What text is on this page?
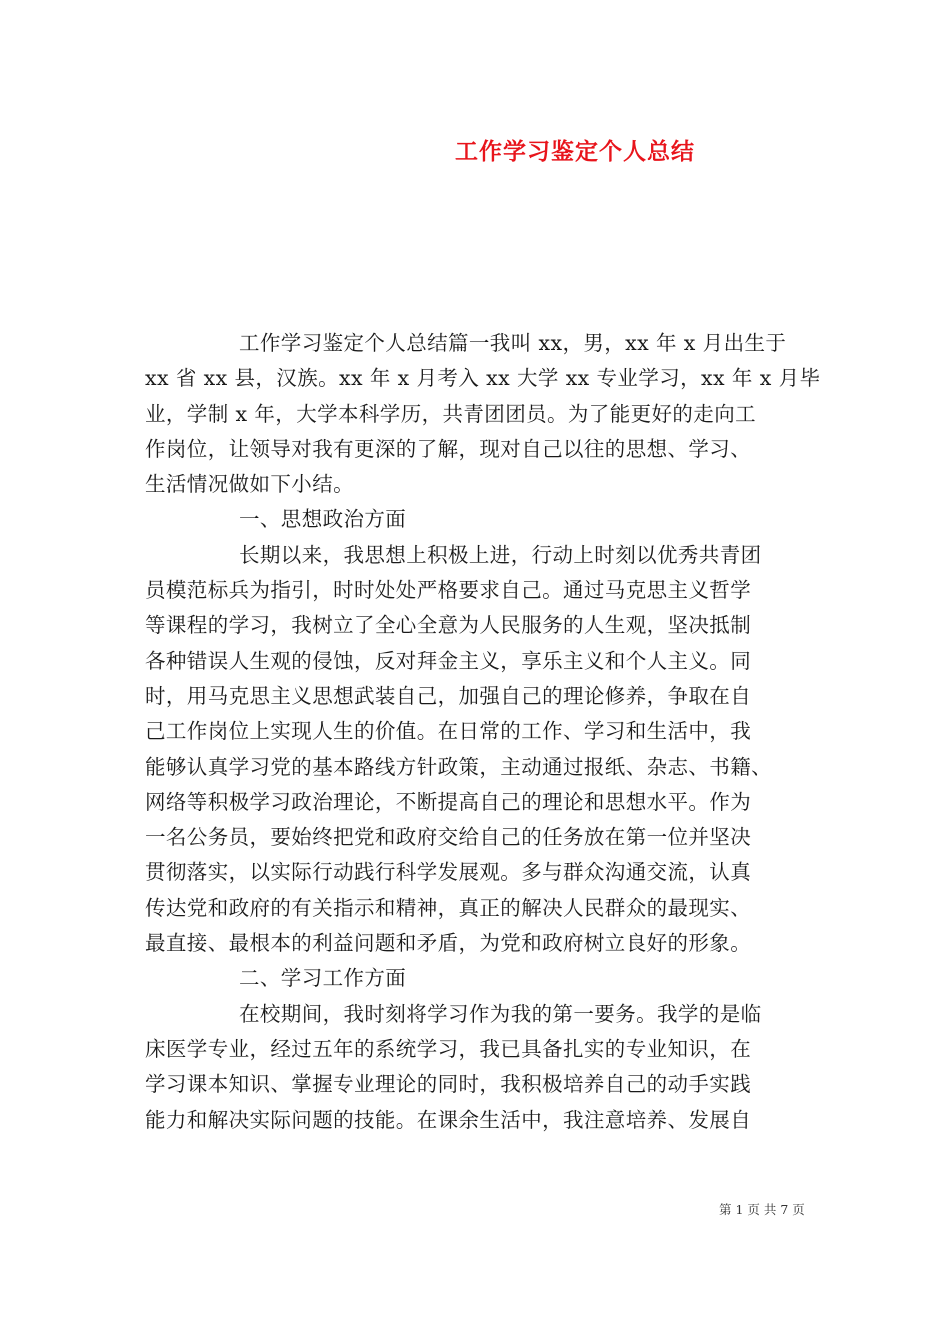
工作学习鉴定个人总结
工作学习鉴定个人总结篇一我叫 xx，男，xx 年 x 月出生于
xx 省 xx 县，汉族。xx 年 x 月考入 xx 大学 xx 专业学习，xx 年 x 月毕
业，学制 x 年，大学本科学历，共青团团员。为了能更好的走向工
作岗位，让领导对我有更深的了解，现对自己以往的思想、学习、
生活情况做如下小结。
一、思想政治方面
长期以来，我思想上积极上进，行动上时刻以优秀共青团
员模范标兵为指引，时时处处严格要求自己。通过马克思主义哲学
等课程的学习，我树立了全心全意为人民服务的人生观，坚决抵制
各种错误人生观的侵蚀，反对拜金主义，享乐主义和个人主义。同
时，用马克思主义思想武装自己，加强自己的理论修养，争取在自
己工作岗位上实现人生的价值。在日常的工作、学习和生活中，我
能够认真学习党的基本路线方针政策，主动通过报纸、杂志、书籍、
网络等积极学习政治理论，不断提高自己的理论和思想水平。作为
一名公务员，要始终把党和政府交给自己的任务放在第一位并坚决
贯彻落实，以实际行动践行科学发展观。多与群众沟通交流，认真
传达党和政府的有关指示和精神，真正的解决人民群众的最现实、
最直接、最根本的利益问题和矛盾，为党和政府树立良好的形象。
二、学习工作方面
在校期间，我时刻将学习作为我的第一要务。我学的是临
床医学专业，经过五年的系统学习，我已具备扎实的专业知识，在
学习课本知识、掌握专业理论的同时，我积极培养自己的动手实践
能力和解决实际问题的技能。在课余生活中，我注意培养、发展自
第 1 页 共 7 页
